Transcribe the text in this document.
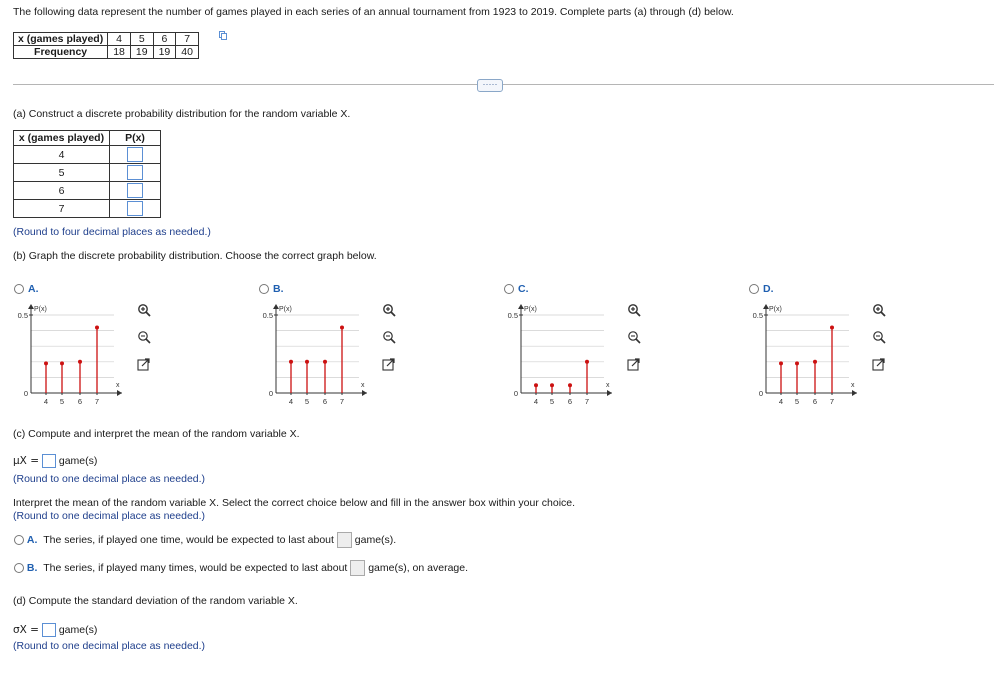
The following data represent the number of games played in each series of an annual tournament from 1923 to 2019. Complete parts (a) through (d) below.
x (games played)	4	5	6	7
Frequency	18	19	19	40
·····
(a) Construct a discrete probability distribution for the random variable X.
x (games played)	P(x)
4	
5	
6	
7	
(Round to four decimal places as needed.)
(b) Graph the discrete probability distribution. Choose the correct graph below.
A.
P(x)
x
0.5
0
4 5 6 7
B.
P(x)
x
0.5
0
4 5 6 7
C.
P(x)
x
0.5
0
4 5 6 7
D.
P(x)
x
0.5
0
4 5 6 7
(c) Compute and interpret the mean of the random variable X.
μX = game(s)
(Round to one decimal place as needed.)
Interpret the mean of the random variable X. Select the correct choice below and fill in the answer box within your choice.
(Round to one decimal place as needed.)
A. The series, if played one time, would be expected to last about game(s).
B. The series, if played many times, would be expected to last about game(s), on average.
(d) Compute the standard deviation of the random variable X.
σX = game(s)
(Round to one decimal place as needed.)
